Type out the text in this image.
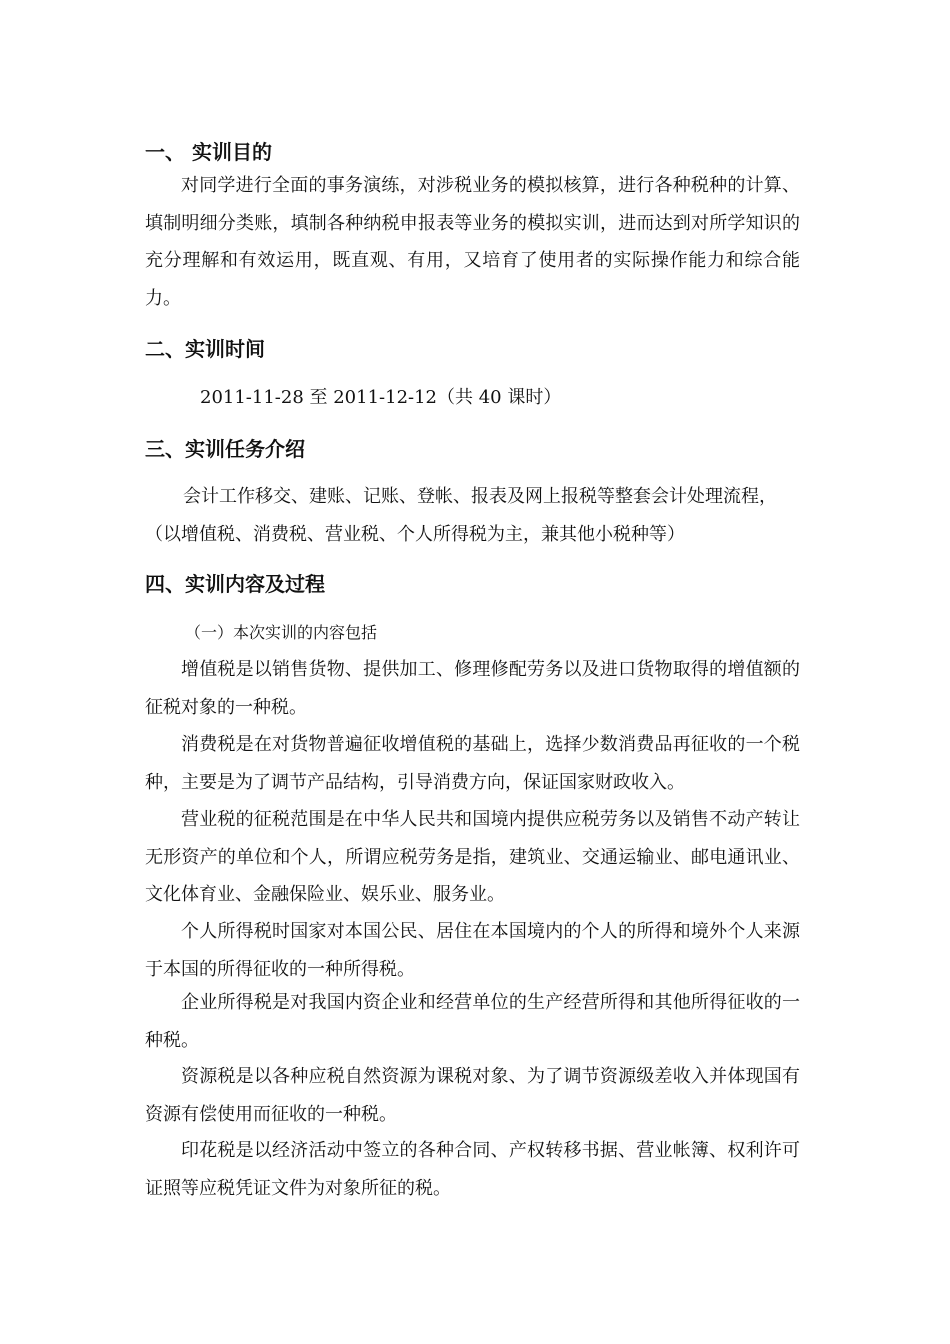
一、 实训目的

对同学进行全面的事务演练，对涉税业务的模拟核算，进行各种税种的计算、填制明细分类账，填制各种纳税申报表等业务的模拟实训，进而达到对所学知识的充分理解和有效运用，既直观、有用，又培育了使用者的实际操作能力和综合能力。

二、实训时间

2011-11-28 至 2011-12-12（共 40 课时）

三、实训任务介绍

会计工作移交、建账、记账、登帐、报表及网上报税等整套会计处理流程，

（以增值税、消费税、营业税、个人所得税为主，兼其他小税种等）

四、实训内容及过程

（一）本次实训的内容包括

增值税是以销售货物、提供加工、修理修配劳务以及进口货物取得的增值额的征税对象的一种税。

消费税是在对货物普遍征收增值税的基础上，选择少数消费品再征收的一个税种，主要是为了调节产品结构，引导消费方向，保证国家财政收入。

营业税的征税范围是在中华人民共和国境内提供应税劳务以及销售不动产转让无形资产的单位和个人，所谓应税劳务是指，建筑业、交通运输业、邮电通讯业、文化体育业、金融保险业、娱乐业、服务业。

个人所得税时国家对本国公民、居住在本国境内的个人的所得和境外个人来源于本国的所得征收的一种所得税。

企业所得税是对我国内资企业和经营单位的生产经营所得和其他所得征收的一种税。

资源税是以各种应税自然资源为课税对象、为了调节资源级差收入并体现国有资源有偿使用而征收的一种税。

印花税是以经济活动中签立的各种合同、产权转移书据、营业帐簿、权利许可证照等应税凭证文件为对象所征的税。
